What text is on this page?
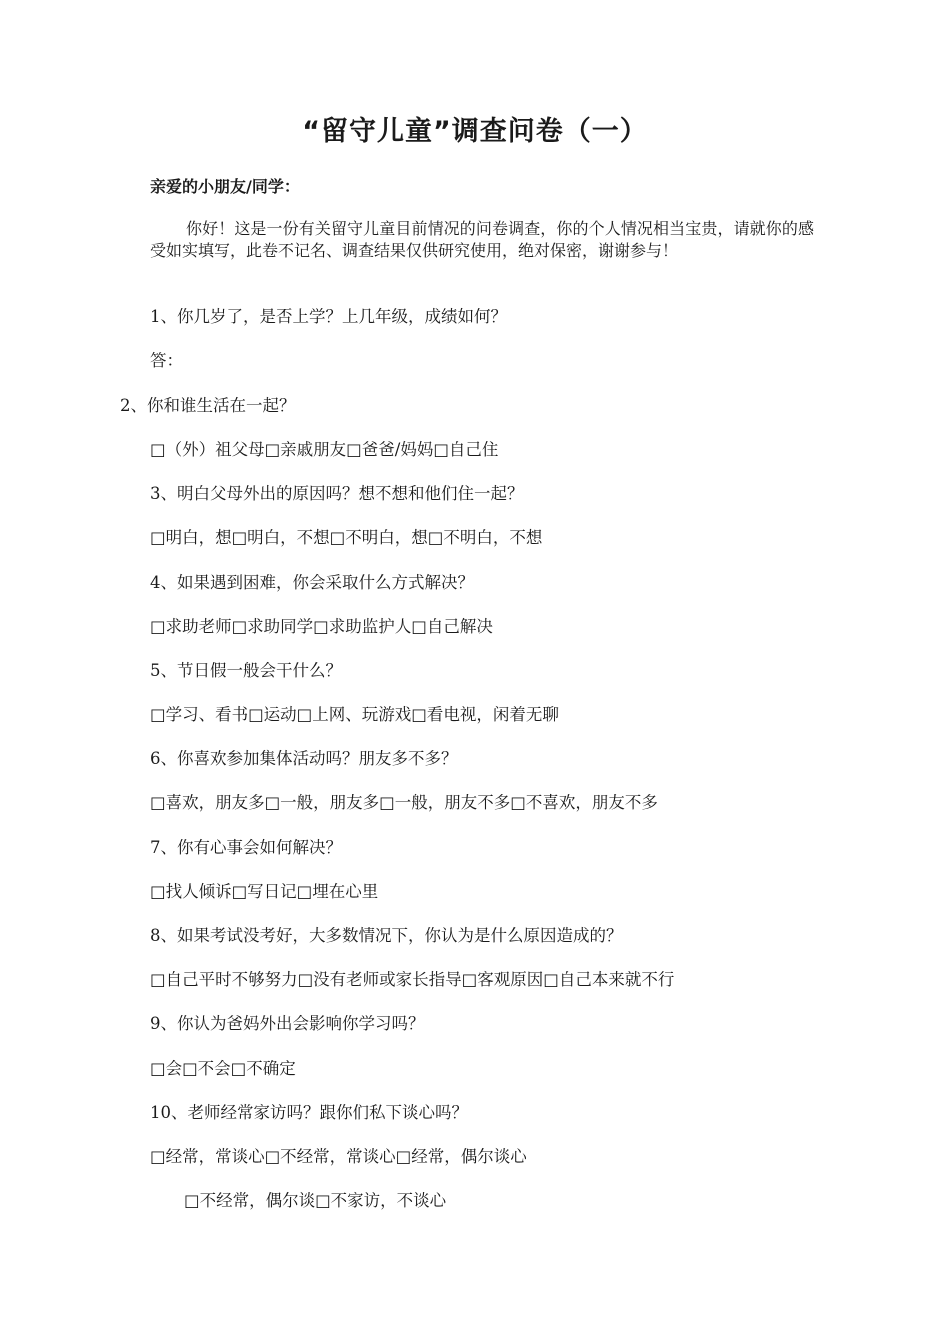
“留守儿童”调查问卷（一）
亲爱的小朋友/同学：
你好！这是一份有关留守儿童目前情况的问卷调查，你的个人情况相当宝贵，请就你的感受如实填写，此卷不记名、调查结果仅供研究使用，绝对保密，谢谢参与！
1、你几岁了，是否上学？上几年级，成绩如何？
答：
2、你和谁生活在一起？
□（外）祖父母□亲戚朋友□爸爸/妈妈□自己住
3、明白父母外出的原因吗？想不想和他们住一起？
□明白，想□明白，不想□不明白，想□不明白，不想
4、如果遇到困难，你会采取什么方式解决？
□求助老师□求助同学□求助监护人□自己解决
5、节日假一般会干什么？
□学习、看书□运动□上网、玩游戏□看电视，闲着无聊
6、你喜欢参加集体活动吗？朋友多不多？
□喜欢，朋友多□一般，朋友多□一般，朋友不多□不喜欢，朋友不多
7、你有心事会如何解决？
□找人倾诉□写日记□埋在心里
8、如果考试没考好，大多数情况下，你认为是什么原因造成的？
□自己平时不够努力□没有老师或家长指导□客观原因□自己本来就不行
9、你认为爸妈外出会影响你学习吗？
□会□不会□不确定
10、老师经常家访吗？跟你们私下谈心吗？
□经常，常谈心□不经常，常谈心□经常，偶尔谈心
□不经常，偶尔谈□不家访，不谈心
